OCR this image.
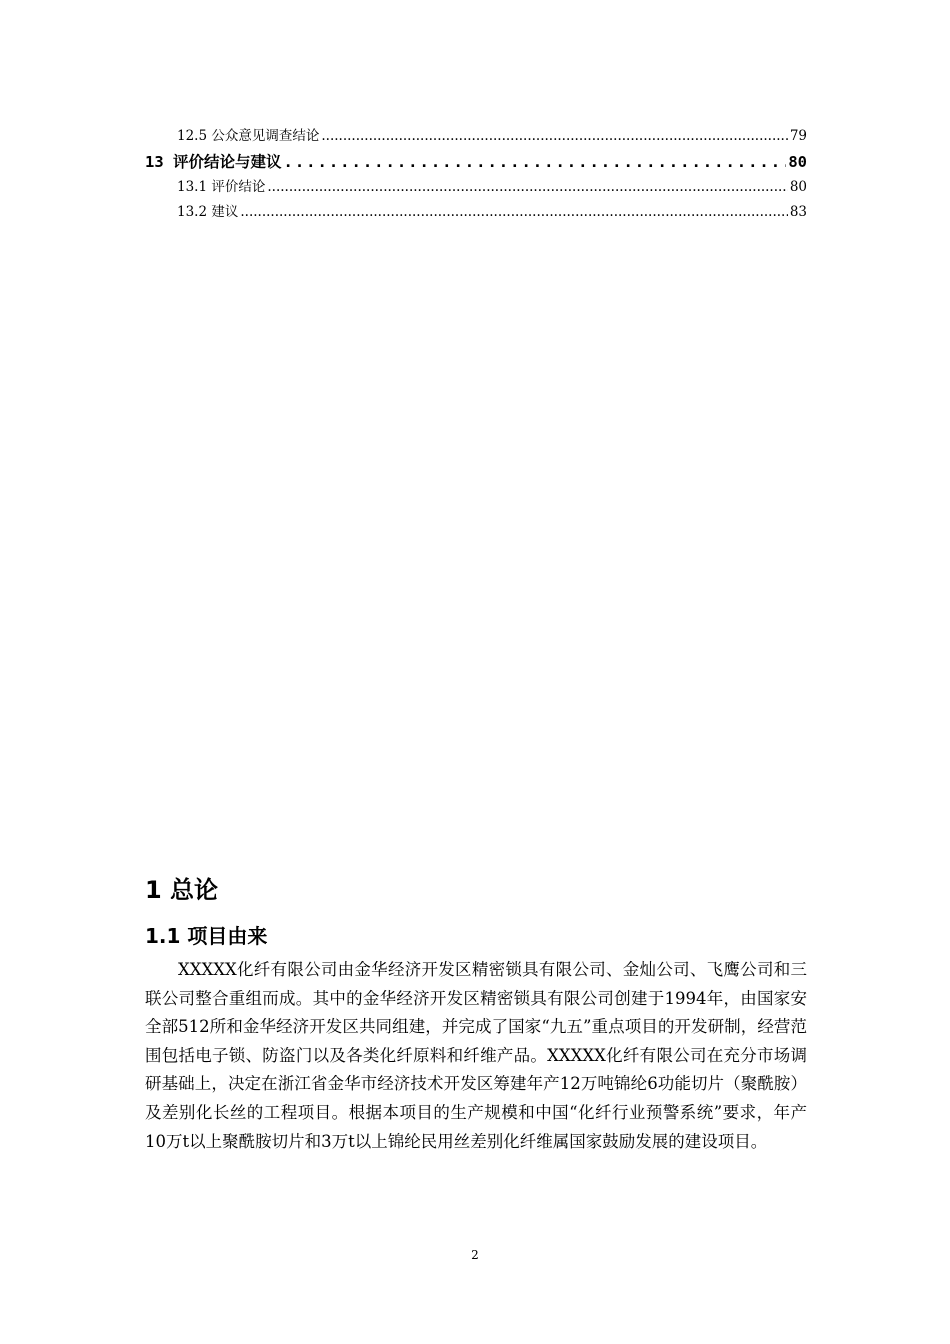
12.5 公众意见调查结论 .....	79
13 评价结论与建议 .....	80
13.1 评价结论 .....	80
13.2 建议 .....	83
1 总论
1.1 项目由来

XXXXX化纤有限公司由金华经济开发区精密锁具有限公司、金灿公司、飞鹰公司和三联公司整合重组而成。其中的金华经济开发区精密锁具有限公司创建于1994年，由国家安全部512所和金华经济开发区共同组建，并完成了国家“九五”重点项目的开发研制，经营范围包括电子锁、防盗门以及各类化纤原料和纤维产品。XXXXX化纤有限公司在充分市场调研基础上，决定在浙江省金华市经济技术开发区筹建年产12万吨锦纶6功能切片（聚酰胺）及差别化长丝的工程项目。根据本项目的生产规模和中国“化纤行业预警系统”要求，年产10万t以上聚酰胺切片和3万t以上锦纶民用丝差别化纤维属国家鼓励发展的建设项目。

2
